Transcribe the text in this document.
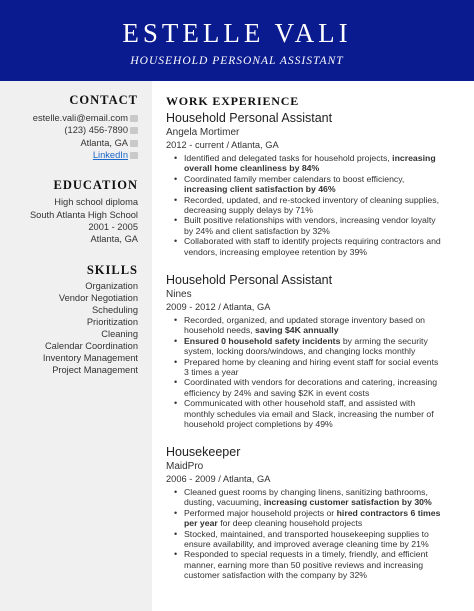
ESTELLE VALI
HOUSEHOLD PERSONAL ASSISTANT
CONTACT
estelle.vali@email.com
(123) 456-7890
Atlanta, GA
LinkedIn
EDUCATION
High school diploma
South Atlanta High School
2001 - 2005
Atlanta, GA
SKILLS
Organization
Vendor Negotiation
Scheduling
Prioritization
Cleaning
Calendar Coordination
Inventory Management
Project Management
WORK EXPERIENCE
Household Personal Assistant
Angela Mortimer
2012 - current / Atlanta, GA
• Identified and delegated tasks for household projects, increasing overall home cleanliness by 84%
• Coordinated family member calendars to boost efficiency, increasing client satisfaction by 46%
• Recorded, updated, and re-stocked inventory of cleaning supplies, decreasing supply delays by 71%
• Built positive relationships with vendors, increasing vendor loyalty by 24% and client satisfaction by 32%
• Collaborated with staff to identify projects requiring contractors and vendors, increasing employee retention by 39%
Household Personal Assistant
Nines
2009 - 2012 / Atlanta, GA
• Recorded, organized, and updated storage inventory based on household needs, saving $4K annually
• Ensured 0 household safety incidents by arming the security system, locking doors/windows, and changing locks monthly
• Prepared home by cleaning and hiring event staff for social events 3 times a year
• Coordinated with vendors for decorations and catering, increasing efficiency by 24% and saving $2K in event costs
• Communicated with other household staff, and assisted with monthly schedules via email and Slack, increasing the number of household project completions by 49%
Housekeeper
MaidPro
2006 - 2009 / Atlanta, GA
• Cleaned guest rooms by changing linens, sanitizing bathrooms, dusting, vacuuming, increasing customer satisfaction by 30%
• Performed major household projects or hired contractors 6 times per year for deep cleaning household projects
• Stocked, maintained, and transported housekeeping supplies to ensure availability, and improved average cleaning time by 21%
• Responded to special requests in a timely, friendly, and efficient manner, earning more than 50 positive reviews and increasing customer satisfaction with the company by 32%
